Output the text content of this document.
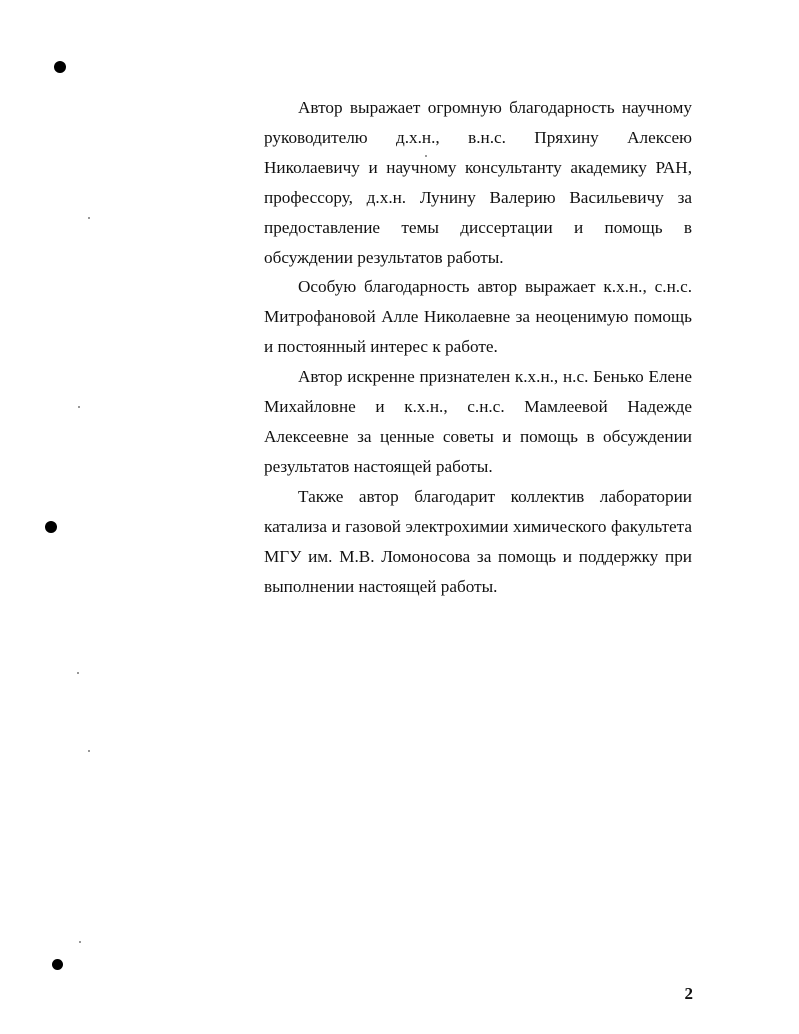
Автор выражает огромную благодарность научному руководителю д.х.н., в.н.с. Пряхину Алексею Николаевичу и научному консультанту академику РАН, профессору, д.х.н. Лунину Валерию Васильевичу за предоставление темы диссертации и помощь в обсуждении результатов работы.

Особую благодарность автор выражает к.х.н., с.н.с. Митрофановой Алле Николаевне за неоценимую помощь и постоянный интерес к работе.

Автор искренне признателен к.х.н., н.с. Бенько Елене Михайловне и к.х.н., с.н.с. Мамлеевой Надежде Алексеевне за ценные советы и помощь в обсуждении результатов настоящей работы.

Также автор благодарит коллектив лаборатории катализа и газовой электрохимии химического факультета МГУ им. М.В. Ломоносова за помощь и поддержку при выполнении настоящей работы.

2
